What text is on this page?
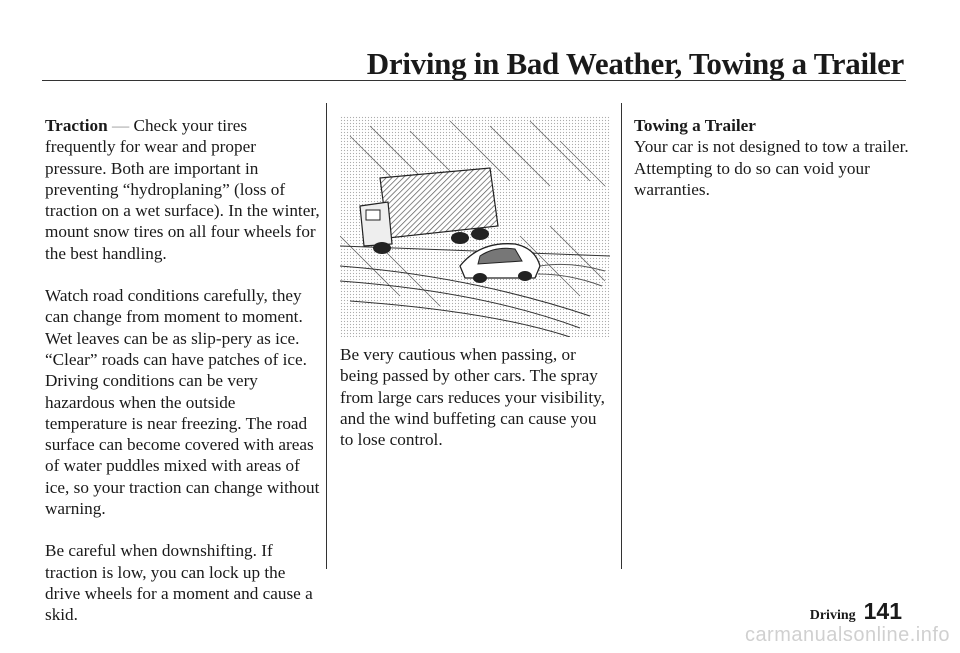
Driving in Bad Weather, Towing a Trailer

Traction — Check your tires frequently for wear and proper pressure. Both are important in preventing “hydroplaning” (loss of traction on a wet surface). In the winter, mount snow tires on all four wheels for the best handling.

Watch road conditions carefully, they can change from moment to moment. Wet leaves can be as slip-pery as ice. “Clear” roads can have patches of ice. Driving conditions can be very hazardous when the outside temperature is near freezing. The road surface can become covered with areas of water puddles mixed with areas of ice, so your traction can change without warning.

Be careful when downshifting. If traction is low, you can lock up the drive wheels for a moment and cause a skid.

Be very cautious when passing, or being passed by other cars. The spray from large cars reduces your visibility, and the wind buffeting can cause you to lose control.

Towing a Trailer

Your car is not designed to tow a trailer. Attempting to do so can void your warranties.

Driving 141
carmanualsonline.info
